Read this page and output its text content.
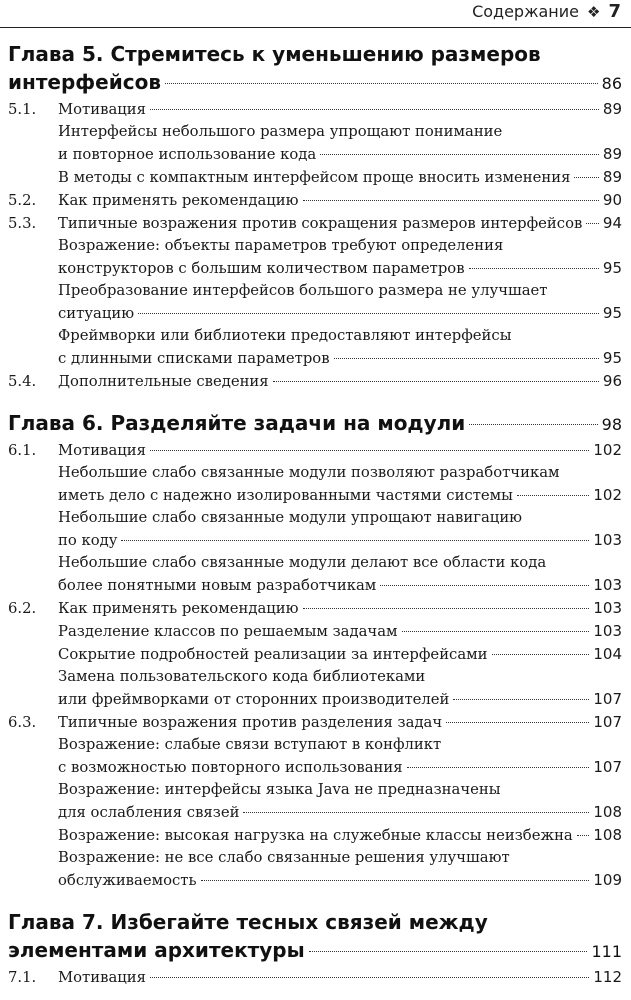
Содержание ❖ 7
Глава 5. Стремитесь к уменьшению размеров
интерфейсов	86
5.1.	Мотивация	89
Интерфейсы небольшого размера упрощают понимание
и повторное использование кода	89
В методы с компактным интерфейсом проще вносить изменения 89
5.2.	Как применять рекомендацию	90
5.3.	Типичные возражения против сокращения размеров интерфейсов 94
Возражение: объекты параметров требуют определения
конструкторов с большим количеством параметров	95
Преобразование интерфейсов большого размера не улучшает
ситуацию	95
Фреймворки или библиотеки предоставляют интерфейсы
с длинными списками параметров	95
5.4.	Дополнительные сведения	96
Глава 6. Разделяйте задачи на модули	98
6.1.	Мотивация	102
Небольшие слабо связанные модули позволяют разработчикам
иметь дело с надежно изолированными частями системы	102
Небольшие слабо связанные модули упрощают навигацию
по коду	103
Небольшие слабо связанные модули делают все области кода
более понятными новым разработчикам	103
6.2.	Как применять рекомендацию	103
Разделение классов по решаемым задачам	103
Сокрытие подробностей реализации за интерфейсами	104
Замена пользовательского кода библиотеками
или фреймворками от сторонних производителей	107
6.3.	Типичные возражения против разделения задач	107
Возражение: слабые связи вступают в конфликт
с возможностью повторного использования	107
Возражение: интерфейсы языка Java не предназначены
для ослабления связей	108
Возражение: высокая нагрузка на служебные классы неизбежна 108
Возражение: не все слабо связанные решения улучшают
обслуживаемость	109
Глава 7. Избегайте тесных связей между
элементами архитектуры	111
7.1.	Мотивация	112
